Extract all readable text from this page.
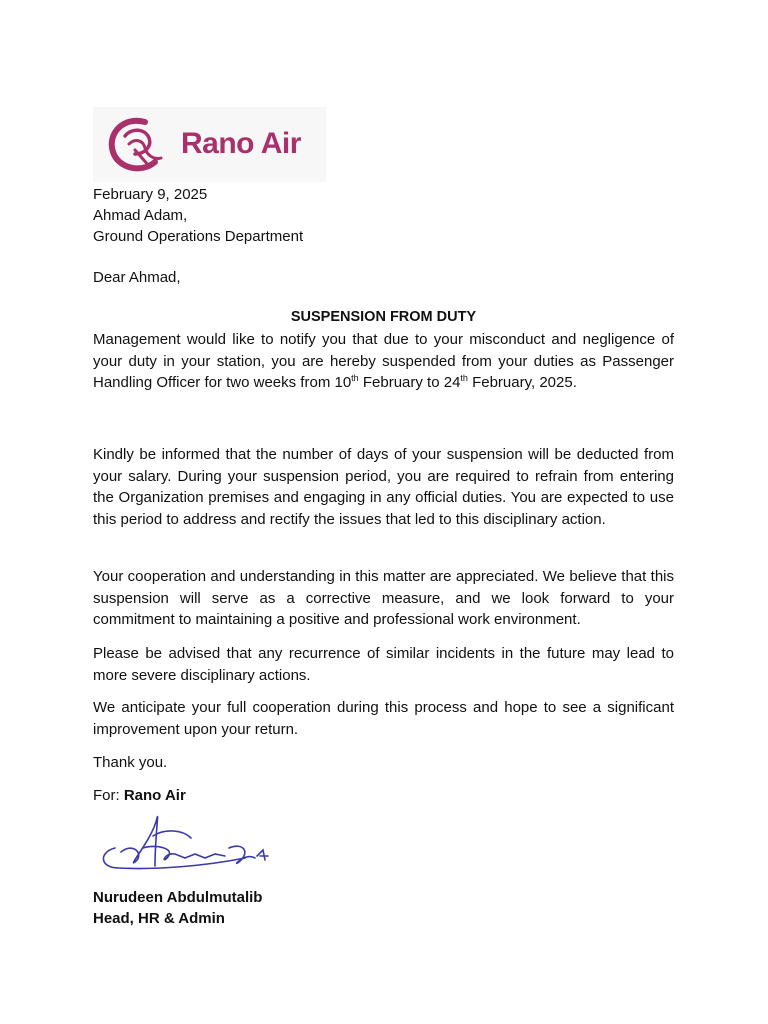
Rano Air
February 9, 2025
Ahmad Adam,
Ground Operations Department
Dear Ahmad,
SUSPENSION FROM DUTY

Management would like to notify you that due to your misconduct and negligence of your duty in your station, you are hereby suspended from your duties as Passenger Handling Officer for two weeks from 10th February to 24th February, 2025.

Kindly be informed that the number of days of your suspension will be deducted from your salary. During your suspension period, you are required to refrain from entering the Organization premises and engaging in any official duties. You are expected to use this period to address and rectify the issues that led to this disciplinary action.

Your cooperation and understanding in this matter are appreciated. We believe that this suspension will serve as a corrective measure, and we look forward to your commitment to maintaining a positive and professional work environment.

Please be advised that any recurrence of similar incidents in the future may lead to more severe disciplinary actions.

We anticipate your full cooperation during this process and hope to see a significant improvement upon your return.

Thank you.
For: Rano Air
Nurudeen Abdulmutalib
Head, HR & Admin
